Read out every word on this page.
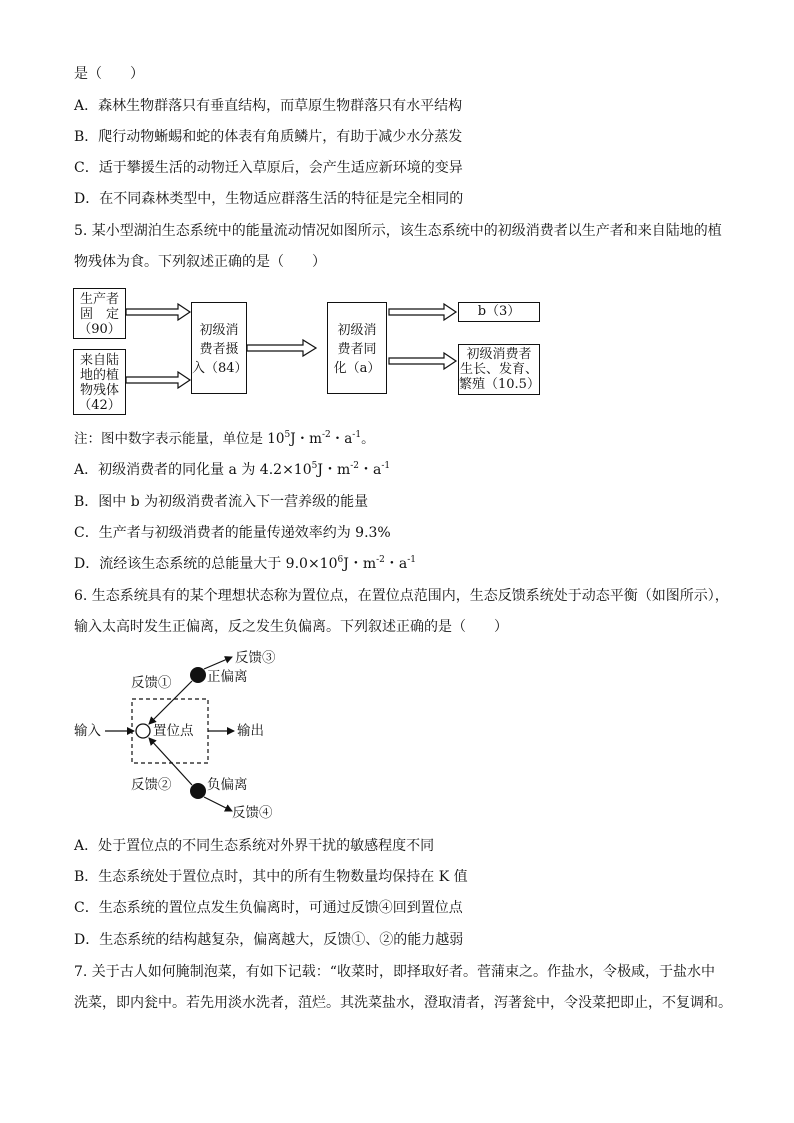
是（　　）
A．森林生物群落只有垂直结构，而草原生物群落只有水平结构
B．爬行动物蜥蜴和蛇的体表有角质鳞片，有助于减少水分蒸发
C．适于攀援生活的动物迁入草原后，会产生适应新环境的变异
D．在不同森林类型中，生物适应群落生活的特征是完全相同的
5. 某小型湖泊生态系统中的能量流动情况如图所示，该生态系统中的初级消费者以生产者和来自陆地的植
物残体为食。下列叙述正确的是（　　）
生产者
固　定
（90）
来自陆
地的植
物残体
（42）
初级消
费者摄
入（84）
初级消
费者同
化（a）
b（3）
初级消费者
生长、发育、
繁殖（10.5）
注：图中数字表示能量，单位是 $10^5J$・$m^{-2}$・$a^{-1}$。
A．初级消费者的同化量 a 为 $4.2\times 10^5J$・$m^{-2}$・$a^{-1}$
B．图中 b 为初级消费者流入下一营养级的能量
C．生产者与初级消费者的能量传递效率约为 9.3%
D．流经该生态系统的总能量大于 $9.0\times 10^6J$・$m^{-2}$・$a^{-1}$
6. 生态系统具有的某个理想状态称为置位点，在置位点范围内，生态反馈系统处于动态平衡（如图所示），
输入太高时发生正偏离，反之发生负偏离。下列叙述正确的是（　　）
反馈③
反馈①	正偏离
输入	置位点	输出
反馈②	负偏离
反馈④
A．处于置位点的不同生态系统对外界干扰的敏感程度不同
B．生态系统处于置位点时，其中的所有生物数量均保持在 K 值
C．生态系统的置位点发生负偏离时，可通过反馈④回到置位点
D．生态系统的结构越复杂，偏离越大，反馈①、②的能力越弱
7. 关于古人如何腌制泡菜，有如下记载：“收菜时，即择取好者。菅蒲束之。作盐水，令极咸，于盐水中
洗菜，即内瓮中。若先用淡水洗者，菹烂。其洗菜盐水，澄取清者，泻著瓮中，令没菜把即止，不复调和。
